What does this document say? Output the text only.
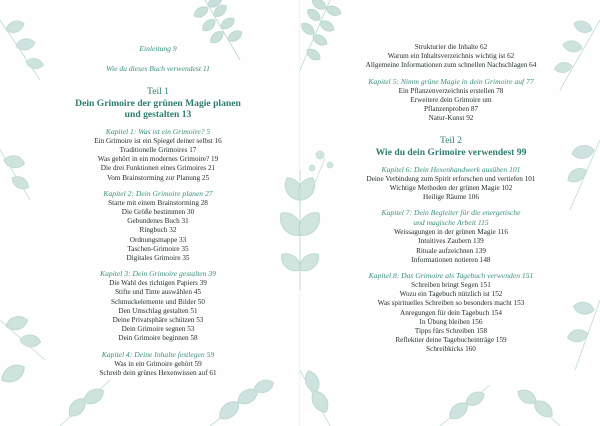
Einleitung 9
Wie du dieses Buch verwendest 11
Teil 1
Dein Grimoire der grünen Magie planen
und gestalten 13
Kapitel 1: Was ist ein Grimoire? 5
Ein Grimoire ist ein Spiegel deiner selbst 16
Traditionelle Grimoires 17
Was gehört in ein modernes Grimoire? 19
Die drei Funktionen eines Grimoires 21
Vom Brainstorming zur Planung 25
Kapitel 2: Dein Grimoire planen 27
Starte mit einem Brainstorming 28
Die Größe bestimmen 30
Gebundenes Buch 31
Ringbuch 32
Ordnungsmappe 33
Taschen-Grimoire 35
Digitales Grimoire 35
Kapitel 3: Dein Grimoire gestalten 39
Die Wahl des richtigen Papiers 39
Stifte und Tinte auswählen 45
Schmuckelemente und Bilder 50
Den Umschlag gestalten 51
Deine Privatsphäre schützen 53
Dein Grimoire segnen 53
Dein Grimoire beginnen 58
Kapitel 4: Deine Inhalte festlegen 59
Was in ein Grimoire gehört 59
Schreib dein grünes Hexenwissen auf 61
Strukturier die Inhalte 62
Warum ein Inhaltsverzeichnis wichtig ist 62
Allgemeine Informationen zum schnellen Nachschlagen 64
Kapitel 5: Nimm grüne Magie in dein Grimoire auf 77
Ein Pflanzenverzeichnis erstellen 78
Erweitere dein Grimoire um
Pflanzenproben 87
Natur-Kunst 92
Teil 2
Wie du dein Grimoire verwendest 99
Kapitel 6: Dein Hexenhandwerk ausüben 101
Deine Verbindung zum Spirit erforschen und vertiefen 101
Wichtige Methoden der grünen Magie 102
Heilige Räume 106
Kapitel 7: Dein Begleiter für die energetische
und magische Arbeit 115
Weissagungen in der grünen Magie 116
Intuitives Zaubern 139
Rituale aufzeichnen 139
Informationen notieren 148
Kapitel 8: Das Grimoire als Tagebuch verwenden 151
Schreiben bringt Segen 151
Wozu ein Tagebuch nützlich ist 152
Was spirituelles Schreiben so besonders macht 153
Anregungen für dein Tagebuch 154
In Übung bleiben 156
Tipps fürs Schreiben 158
Reflektier deine Tagebucheinträge 159
Schreibkicks 160
